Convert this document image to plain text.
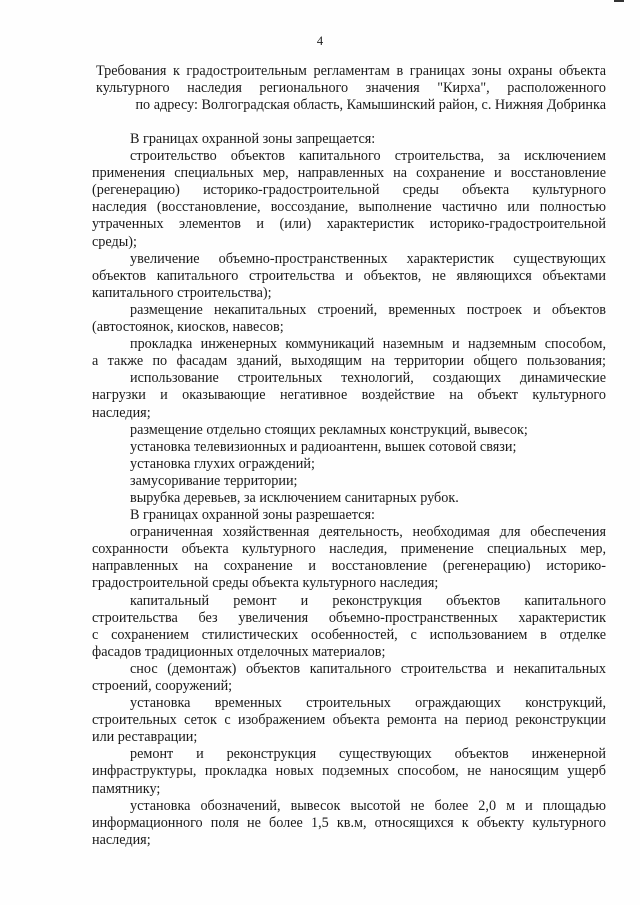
4
Требования к градостроительным регламентам в границах зоны охраны объекта
культурного наследия регионального значения "Кирха", расположенного
по адресу: Волгоградская область, Камышинский район, с. Нижняя Добринка
В границах охранной зоны запрещается:
строительство объектов капитального строительства, за исключением
применения специальных мер, направленных на сохранение и восстановление
(регенерацию) историко-градостроительной среды объекта культурного
наследия (восстановление, воссоздание, выполнение частично или полностью
утраченных элементов и (или) характеристик историко-градостроительной
среды);
увеличение объемно-пространственных характеристик существующих
объектов капитального строительства и объектов, не являющихся объектами
капитального строительства);
размещение некапитальных строений, временных построек и объектов
(автостоянок, киосков, навесов;
прокладка инженерных коммуникаций наземным и надземным способом,
а также по фасадам зданий, выходящим на территории общего пользования;
использование строительных технологий, создающих динамические
нагрузки и оказывающие негативное воздействие на объект культурного
наследия;
размещение отдельно стоящих рекламных конструкций, вывесок;
установка телевизионных и радиоантенн, вышек сотовой связи;
установка глухих ограждений;
замусоривание территории;
вырубка деревьев, за исключением санитарных рубок.
В границах охранной зоны разрешается:
ограниченная хозяйственная деятельность, необходимая для обеспечения
сохранности объекта культурного наследия, применение специальных мер,
направленных на сохранение и восстановление (регенерацию) историко-
градостроительной среды объекта культурного наследия;
капитальный ремонт и реконструкция объектов капитального
строительства без увеличения объемно-пространственных характеристик
с сохранением стилистических особенностей, с использованием в отделке
фасадов традиционных отделочных материалов;
снос (демонтаж) объектов капитального строительства и некапитальных
строений, сооружений;
установка временных строительных ограждающих конструкций,
строительных сеток с изображением объекта ремонта на период реконструкции
или реставрации;
ремонт и реконструкция существующих объектов инженерной
инфраструктуры, прокладка новых подземных способом, не наносящим ущерб
памятнику;
установка обозначений, вывесок высотой не более 2,0 м и площадью
информационного поля не более 1,5 кв.м, относящихся к объекту культурного
наследия;
